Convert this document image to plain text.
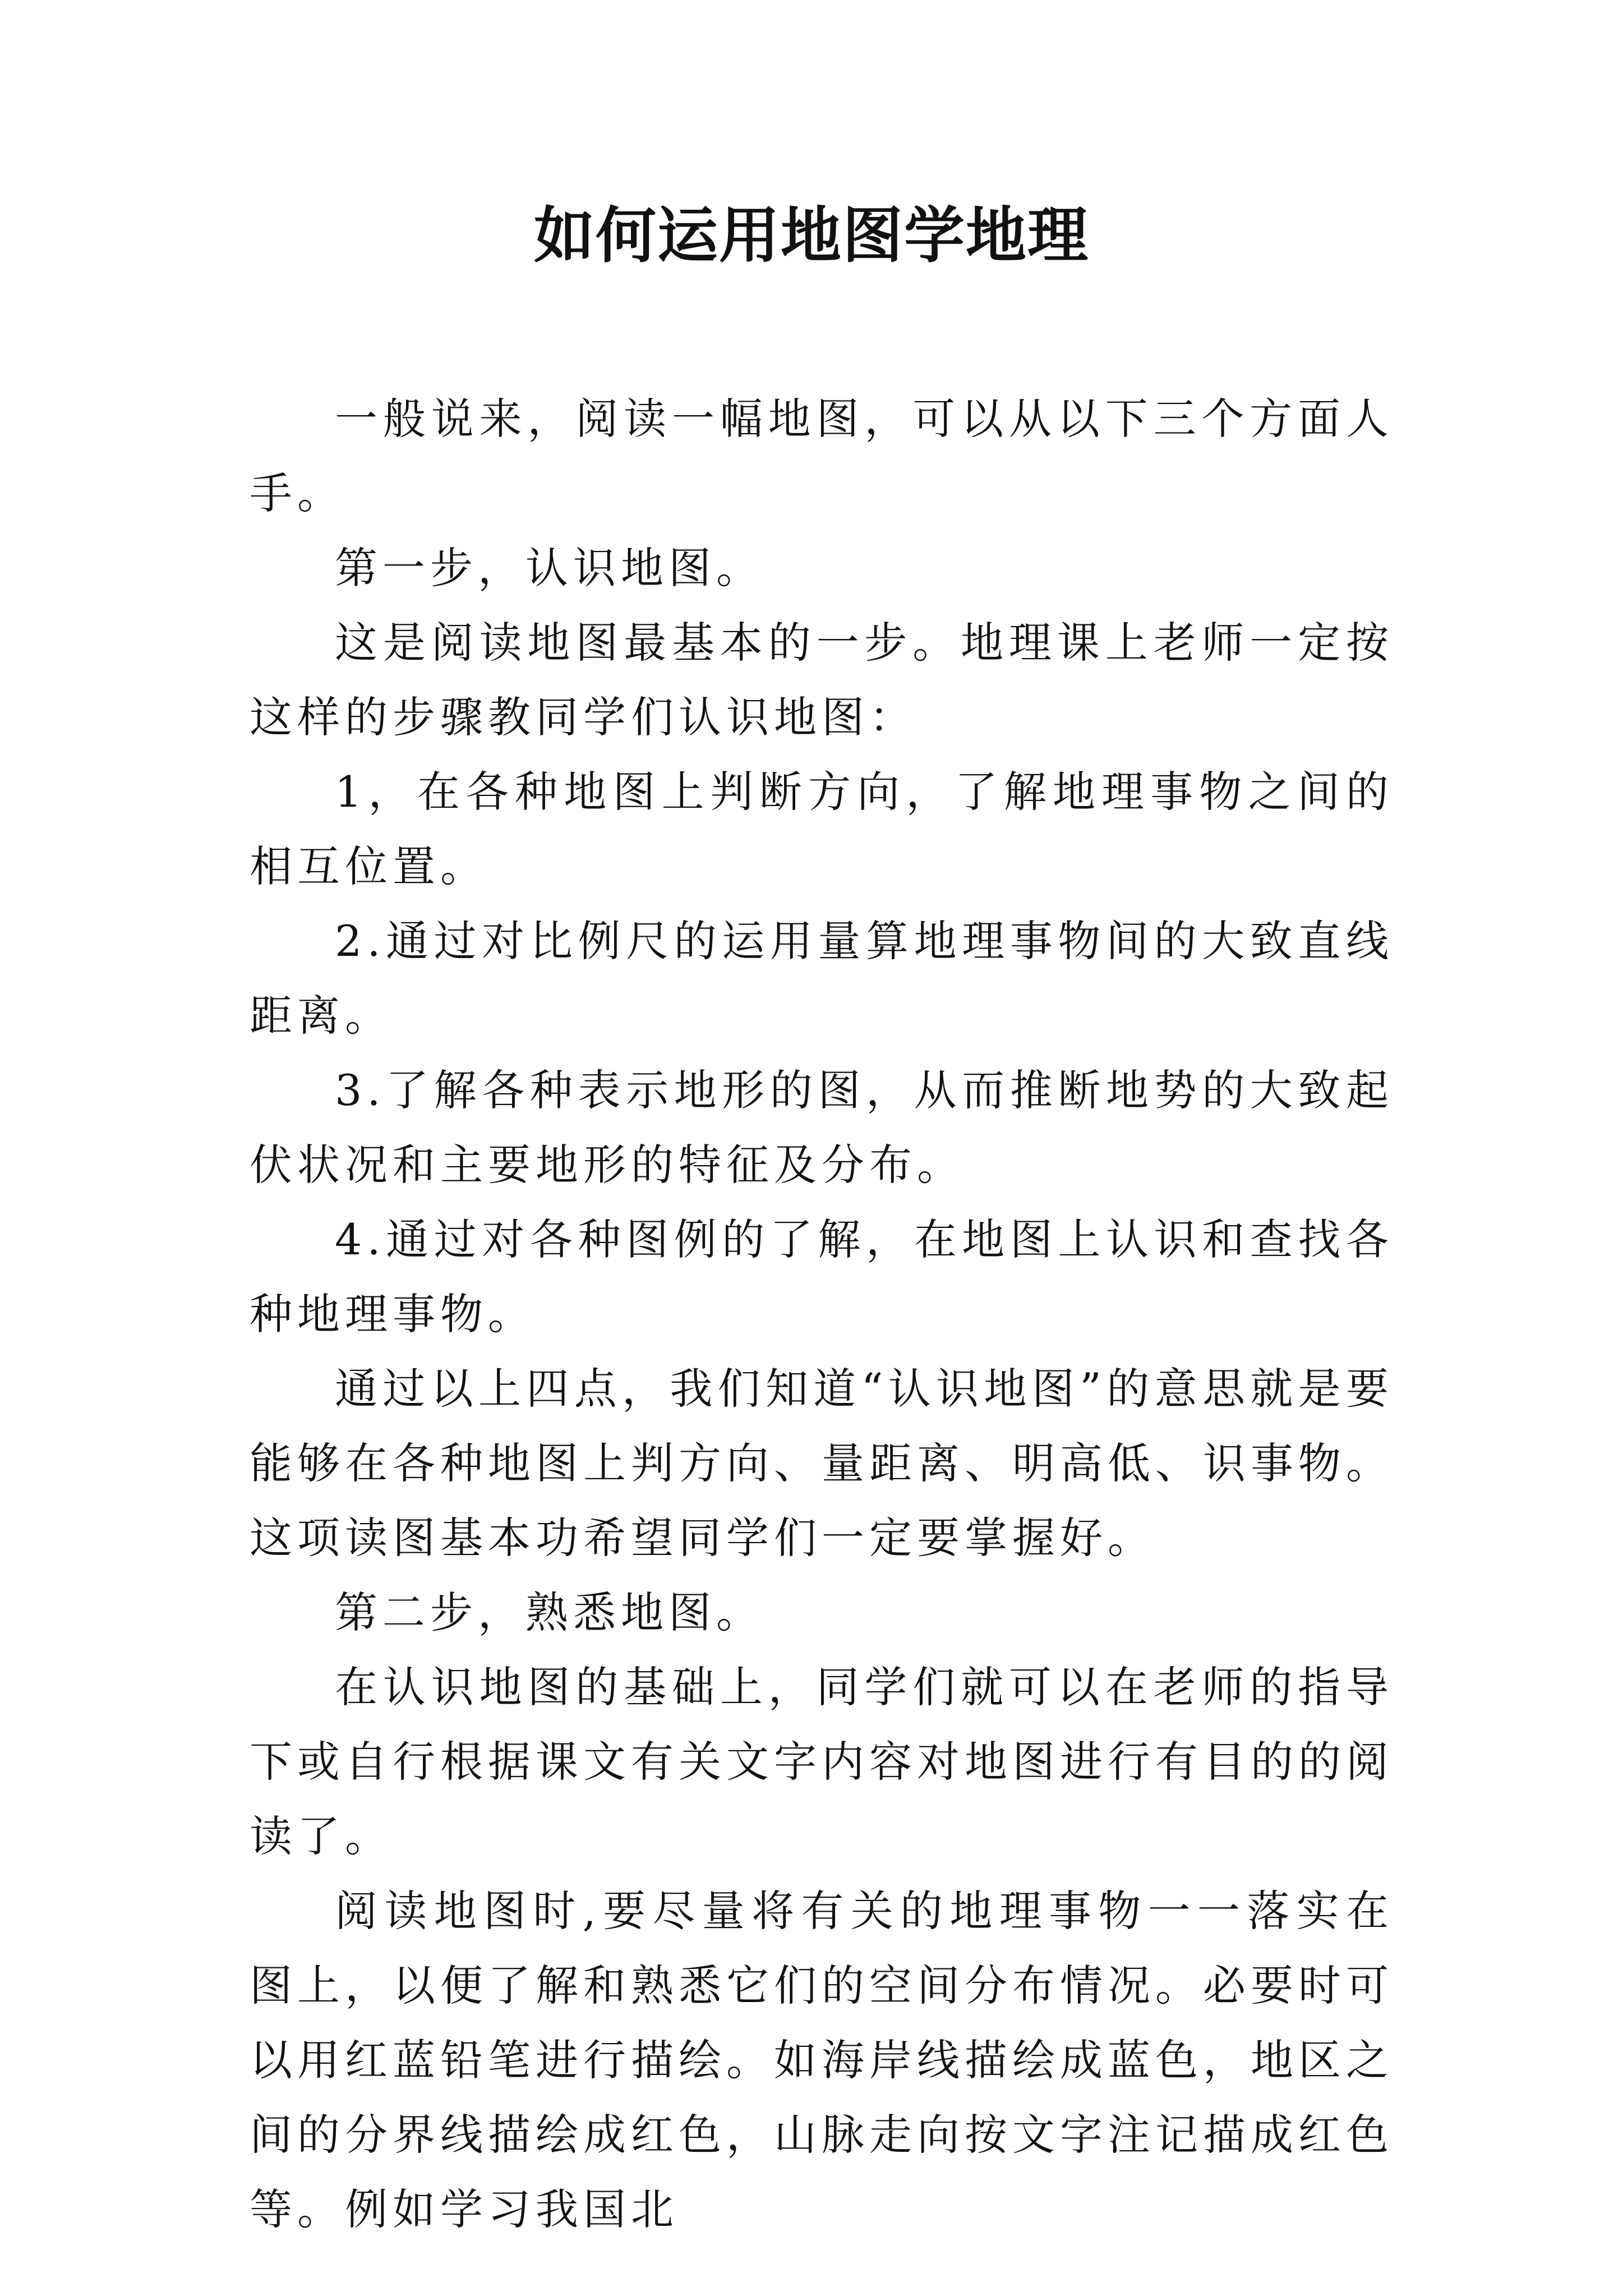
如何运用地图学地理

一般说来，阅读一幅地图，可以从以下三个方面人手。

第一步，认识地图。

这是阅读地图最基本的一步。地理课上老师一定按这样的步骤教同学们认识地图：

1，在各种地图上判断方向，了解地理事物之间的相互位置。

2.通过对比例尺的运用量算地理事物间的大致直线距离。

3.了解各种表示地形的图，从而推断地势的大致起伏状况和主要地形的特征及分布。

4.通过对各种图例的了解，在地图上认识和查找各种地理事物。

通过以上四点，我们知道“认识地图”的意思就是要能够在各种地图上判方向、量距离、明高低、识事物。这项读图基本功希望同学们一定要掌握好。

第二步，熟悉地图。

在认识地图的基础上，同学们就可以在老师的指导下或自行根据课文有关文字内容对地图进行有目的的阅读了。

阅读地图时,要尽量将有关的地理事物一一落实在图上，以便了解和熟悉它们的空间分布情况。必要时可以用红蓝铅笔进行描绘。如海岸线描绘成蓝色，地区之间的分界线描绘成红色，山脉走向按文字注记描成红色等。例如学习我国北
